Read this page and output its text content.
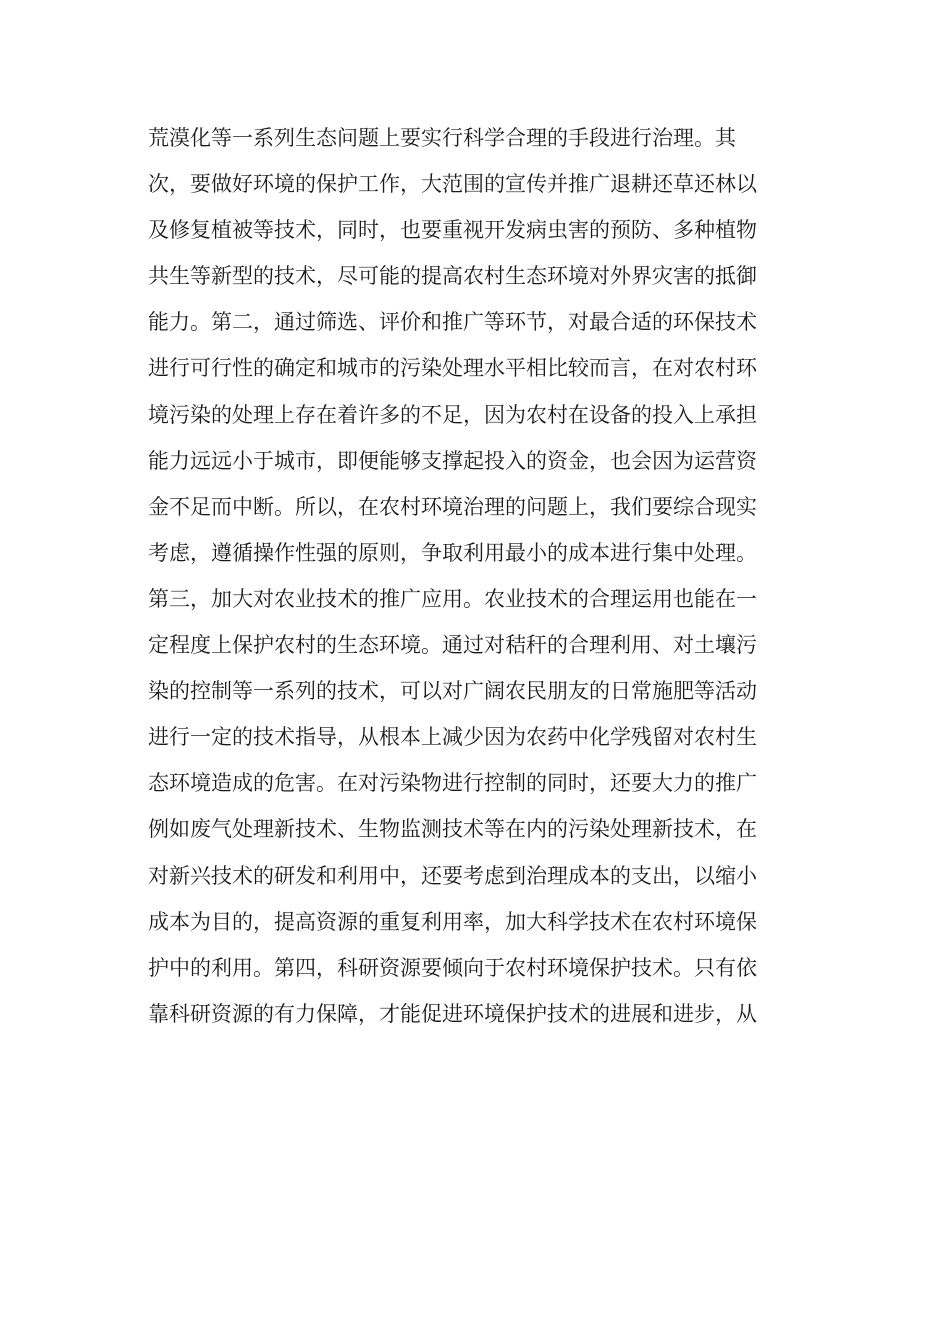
荒漠化等一系列生态问题上要实行科学合理的手段进行治理。其
次，要做好环境的保护工作，大范围的宣传并推广退耕还草还林以
及修复植被等技术，同时，也要重视开发病虫害的预防、多种植物
共生等新型的技术，尽可能的提高农村生态环境对外界灾害的抵御
能力。第二，通过筛选、评价和推广等环节，对最合适的环保技术
进行可行性的确定和城市的污染处理水平相比较而言，在对农村环
境污染的处理上存在着许多的不足，因为农村在设备的投入上承担
能力远远小于城市，即便能够支撑起投入的资金，也会因为运营资
金不足而中断。所以，在农村环境治理的问题上，我们要综合现实
考虑，遵循操作性强的原则，争取利用最小的成本进行集中处理。
第三，加大对农业技术的推广应用。农业技术的合理运用也能在一
定程度上保护农村的生态环境。通过对秸秆的合理利用、对土壤污
染的控制等一系列的技术，可以对广阔农民朋友的日常施肥等活动
进行一定的技术指导，从根本上减少因为农药中化学残留对农村生
态环境造成的危害。在对污染物进行控制的同时，还要大力的推广
例如废气处理新技术、生物监测技术等在内的污染处理新技术，在
对新兴技术的研发和利用中，还要考虑到治理成本的支出，以缩小
成本为目的，提高资源的重复利用率，加大科学技术在农村环境保
护中的利用。第四，科研资源要倾向于农村环境保护技术。只有依
靠科研资源的有力保障，才能促进环境保护技术的进展和进步，从
